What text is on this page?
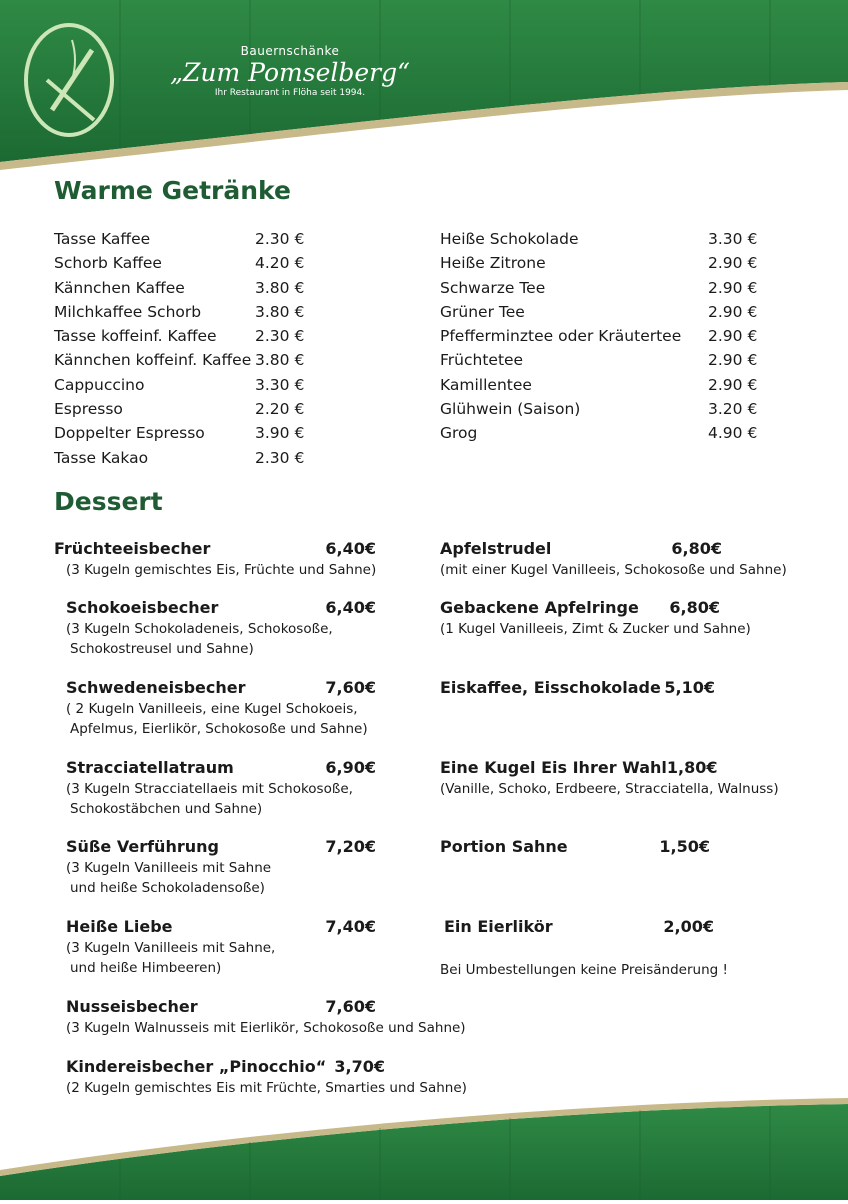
Bauernschänke
„Zum Pomselberg“
Ihr Restaurant in Flöha seit 1994.
Warme Getränke
Tasse Kaffee	2.30 €
Schorb Kaffee	4.20 €
Kännchen Kaffee	3.80 €
Milchkaffee Schorb	3.80 €
Tasse koffeinf. Kaffee	2.30 €
Kännchen koffeinf. Kaffee 3.80 €
Cappuccino	3.30 €
Espresso	2.20 €
Doppelter Espresso	3.90 €
Tasse Kakao	2.30 €
Heiße Schokolade	3.30 €
Heiße Zitrone	2.90 €
Schwarze Tee	2.90 €
Grüner Tee	2.90 €
Pfefferminztee oder Kräutertee	2.90 €
Früchtetee	2.90 €
Kamillentee	2.90 €
Glühwein (Saison)	3.20 €
Grog	4.90 €
Dessert
Früchteeisbecher	6,40€
(3 Kugeln gemischtes Eis, Früchte und Sahne)
Schokoeisbecher	6,40€
(3 Kugeln Schokoladeneis, Schokosoße,
Schokostreusel und Sahne)
Schwedeneisbecher	7,60€
( 2 Kugeln Vanilleeis, eine Kugel Schokoeis,
Apfelmus, Eierlikör, Schokosoße und Sahne)
Stracciatellatraum	6,90€
(3 Kugeln Stracciatellaeis mit Schokosoße,
Schokostäbchen und Sahne)
Süße Verführung	7,20€
(3 Kugeln Vanilleeis mit Sahne
und heiße Schokoladensoße)
Heiße Liebe	7,40€
(3 Kugeln Vanilleeis mit Sahne,
und heiße Himbeeren)
Nusseisbecher	7,60€
(3 Kugeln Walnusseis mit Eierlikör, Schokosoße und Sahne)
Kindereisbecher „Pinocchio“ 3,70€
(2 Kugeln gemischtes Eis mit Früchte, Smarties und Sahne)
Apfelstrudel	6,80€
(mit einer Kugel Vanilleeis, Schokosoße und Sahne)
Gebackene Apfelringe 6,80€
(1 Kugel Vanilleeis, Zimt & Zucker und Sahne)
Eiskaffee, Eisschokolade 5,10€
Eine Kugel Eis Ihrer Wahl 1,80€
(Vanille, Schoko, Erdbeere, Stracciatella, Walnuss)
Portion Sahne	1,50€
Ein Eierlikör	2,00€
Bei Umbestellungen keine Preisänderung !
